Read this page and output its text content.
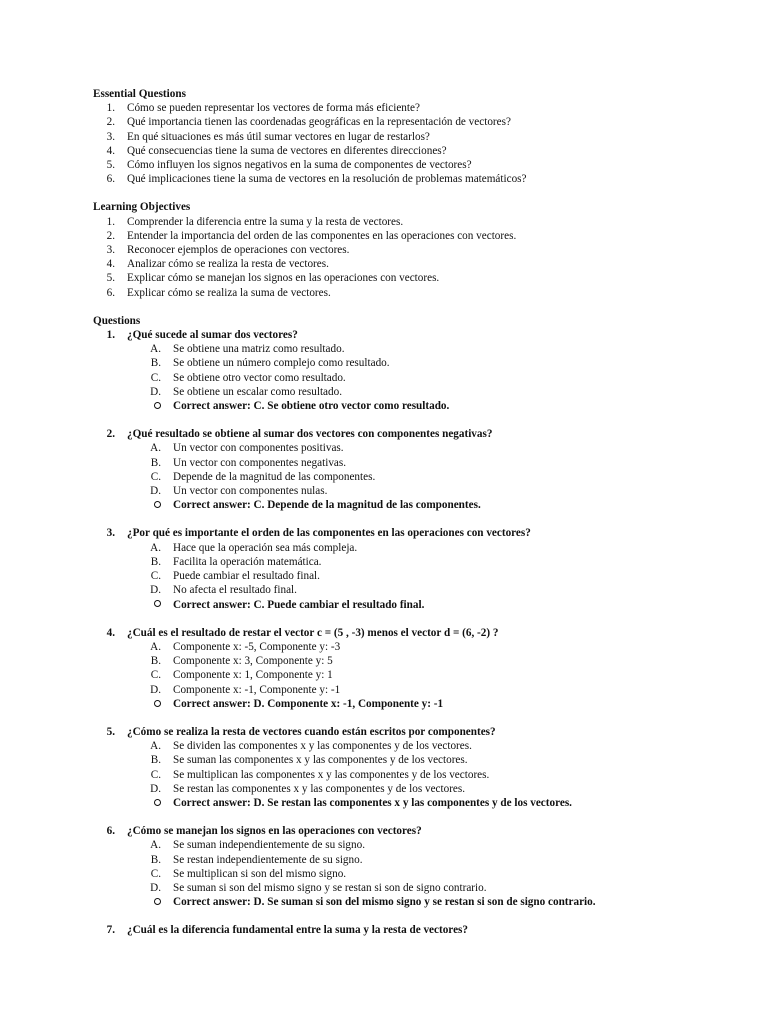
Essential Questions
1.	Cómo se pueden representar los vectores de forma más eficiente?
2.	Qué importancia tienen las coordenadas geográficas en la representación de vectores?
3.	En qué situaciones es más útil sumar vectores en lugar de restarlos?
4.	Qué consecuencias tiene la suma de vectores en diferentes direcciones?
5.	Cómo influyen los signos negativos en la suma de componentes de vectores?
6.	Qué implicaciones tiene la suma de vectores en la resolución de problemas matemáticos?
Learning Objectives
1.	Comprender la diferencia entre la suma y la resta de vectores.
2.	Entender la importancia del orden de las componentes en las operaciones con vectores.
3.	Reconocer ejemplos de operaciones con vectores.
4.	Analizar cómo se realiza la resta de vectores.
5.	Explicar cómo se manejan los signos en las operaciones con vectores.
6.	Explicar cómo se realiza la suma de vectores.
Questions
1.	¿Qué sucede al sumar dos vectores?
A.	Se obtiene una matriz como resultado.
B.	Se obtiene un número complejo como resultado.
C.	Se obtiene otro vector como resultado.
D.	Se obtiene un escalar como resultado.
Correct answer: C. Se obtiene otro vector como resultado.
2.	¿Qué resultado se obtiene al sumar dos vectores con componentes negativas?
A.	Un vector con componentes positivas.
B.	Un vector con componentes negativas.
C.	Depende de la magnitud de las componentes.
D.	Un vector con componentes nulas.
Correct answer: C. Depende de la magnitud de las componentes.
3.	¿Por qué es importante el orden de las componentes en las operaciones con vectores?
A.	Hace que la operación sea más compleja.
B.	Facilita la operación matemática.
C.	Puede cambiar el resultado final.
D.	No afecta el resultado final.
Correct answer: C. Puede cambiar el resultado final.
4.	¿Cuál es el resultado de restar el vector c = (5 , -3) menos el vector d = (6, -2) ?
A.	Componente x: -5, Componente y: -3
B.	Componente x: 3, Componente y: 5
C.	Componente x: 1, Componente y: 1
D.	Componente x: -1, Componente y: -1
Correct answer: D. Componente x: -1, Componente y: -1
5.	¿Cómo se realiza la resta de vectores cuando están escritos por componentes?
A.	Se dividen las componentes x y las componentes y de los vectores.
B.	Se suman las componentes x y las componentes y de los vectores.
C.	Se multiplican las componentes x y las componentes y de los vectores.
D.	Se restan las componentes x y las componentes y de los vectores.
Correct answer: D. Se restan las componentes x y las componentes y de los vectores.
6.	¿Cómo se manejan los signos en las operaciones con vectores?
A.	Se suman independientemente de su signo.
B.	Se restan independientemente de su signo.
C.	Se multiplican si son del mismo signo.
D.	Se suman si son del mismo signo y se restan si son de signo contrario.
Correct answer: D. Se suman si son del mismo signo y se restan si son de signo contrario.
7.	¿Cuál es la diferencia fundamental entre la suma y la resta de vectores?
